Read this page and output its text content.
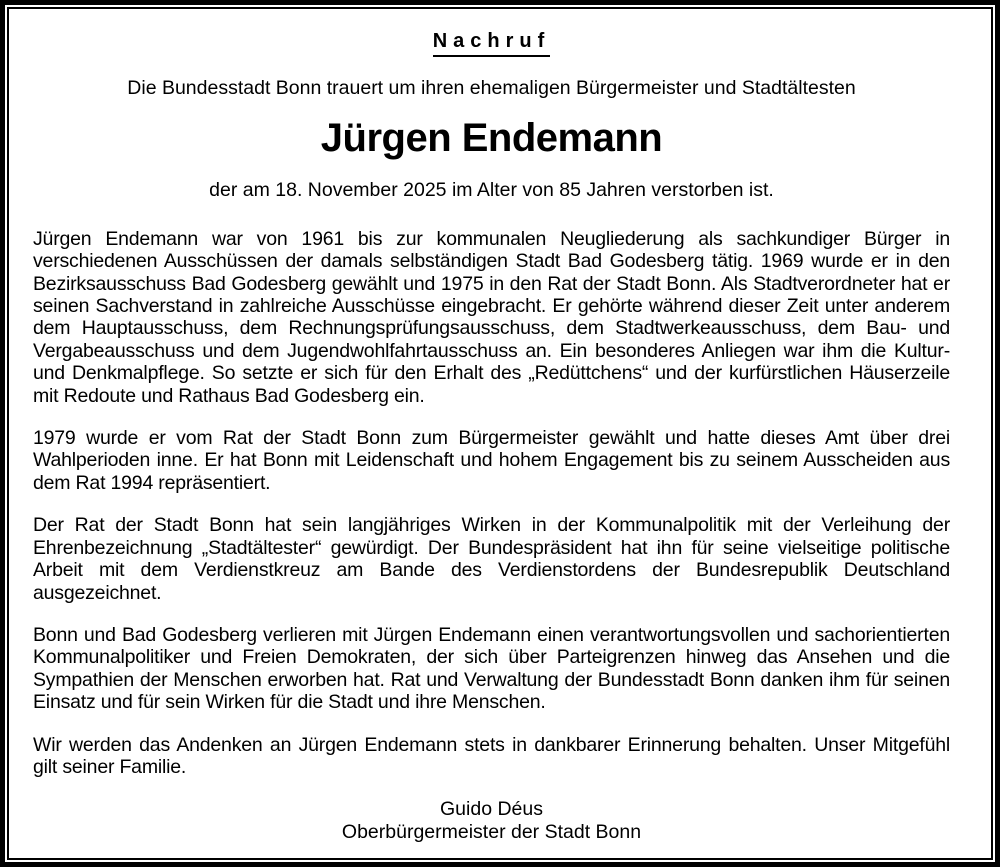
Nachruf

Die Bundesstadt Bonn trauert um ihren ehemaligen Bürgermeister und Stadtältesten

Jürgen Endemann

der am 18. November 2025 im Alter von 85 Jahren verstorben ist.

Jürgen Endemann war von 1961 bis zur kommunalen Neugliederung als sachkundiger Bürger in verschiedenen Ausschüssen der damals selbständigen Stadt Bad Godesberg tätig. 1969 wurde er in den Bezirksausschuss Bad Godesberg gewählt und 1975 in den Rat der Stadt Bonn. Als Stadtverordneter hat er seinen Sachverstand in zahlreiche Ausschüsse eingebracht. Er gehörte während dieser Zeit unter anderem dem Hauptausschuss, dem Rechnungsprüfungsausschuss, dem Stadtwerkeausschuss, dem Bau- und Vergabeausschuss und dem Jugendwohlfahrtausschuss an. Ein besonderes Anliegen war ihm die Kultur- und Denkmalpflege. So setzte er sich für den Erhalt des „Redüttchens“ und der kurfürstlichen Häuserzeile mit Redoute und Rathaus Bad Godesberg ein.

1979 wurde er vom Rat der Stadt Bonn zum Bürgermeister gewählt und hatte dieses Amt über drei Wahlperioden inne. Er hat Bonn mit Leidenschaft und hohem Engagement bis zu seinem Ausscheiden aus dem Rat 1994 repräsentiert.

Der Rat der Stadt Bonn hat sein langjähriges Wirken in der Kommunalpolitik mit der Verleihung der Ehrenbezeichnung „Stadtältester“ gewürdigt. Der Bundespräsident hat ihn für seine vielseitige politische Arbeit mit dem Verdienstkreuz am Bande des Verdienstordens der Bundesrepublik Deutschland ausgezeichnet.

Bonn und Bad Godesberg verlieren mit Jürgen Endemann einen verantwortungsvollen und sachorientierten Kommunalpolitiker und Freien Demokraten, der sich über Parteigrenzen hinweg das Ansehen und die Sympathien der Menschen erworben hat. Rat und Verwaltung der Bundesstadt Bonn danken ihm für seinen Einsatz und für sein Wirken für die Stadt und ihre Menschen.

Wir werden das Andenken an Jürgen Endemann stets in dankbarer Erinnerung behalten. Unser Mitgefühl gilt seiner Familie.

Guido Déus
Oberbürgermeister der Stadt Bonn
